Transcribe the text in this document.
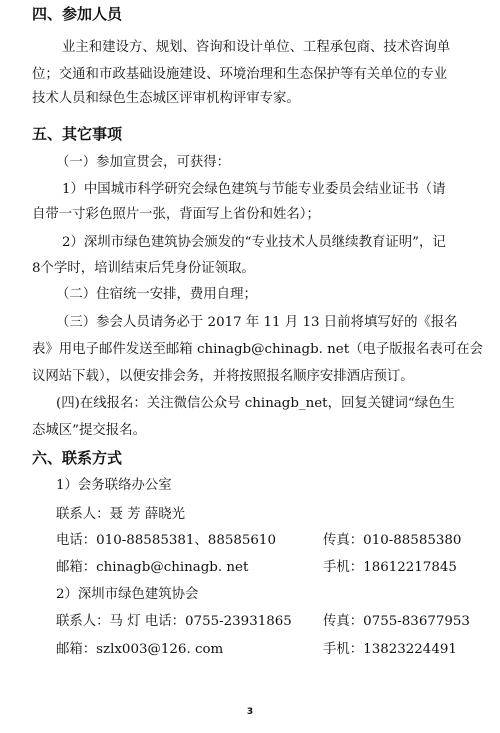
四、参加人员
业主和建设方、规划、咨询和设计单位、工程承包商、技术咨询单
位；交通和市政基础设施建设、环境治理和生态保护等有关单位的专业
技术人员和绿色生态城区评审机构评审专家。
五、其它事项
（一）参加宣贯会，可获得：
1）中国城市科学研究会绿色建筑与节能专业委员会结业证书（请
自带一寸彩色照片一张，背面写上省份和姓名）；
2）深圳市绿色建筑协会颁发的“专业技术人员继续教育证明”，记
8个学时，培训结束后凭身份证领取。
（二）住宿统一安排，费用自理；
（三）参会人员请务必于 2017 年 11 月 13 日前将填写好的《报名
表》用电子邮件发送至邮箱 chinagb@chinagb. net（电子版报名表可在会
议网站下载），以便安排会务，并将按照报名顺序安排酒店预订。
(四)在线报名：关注微信公众号 chinagb_net，回复关键词“绿色生
态城区”提交报名。
六、联系方式
1）会务联络办公室
联系人：聂 芳 薛晓光
电话：010-88585381、88585610	传真：010-88585380
邮箱：chinagb@chinagb. net	手机：18612217845
2）深圳市绿色建筑协会
联系人：马 灯 电话：0755-23931865 传真：0755-83677953
邮箱：szlx003@126. com	手机：13823224491
3
